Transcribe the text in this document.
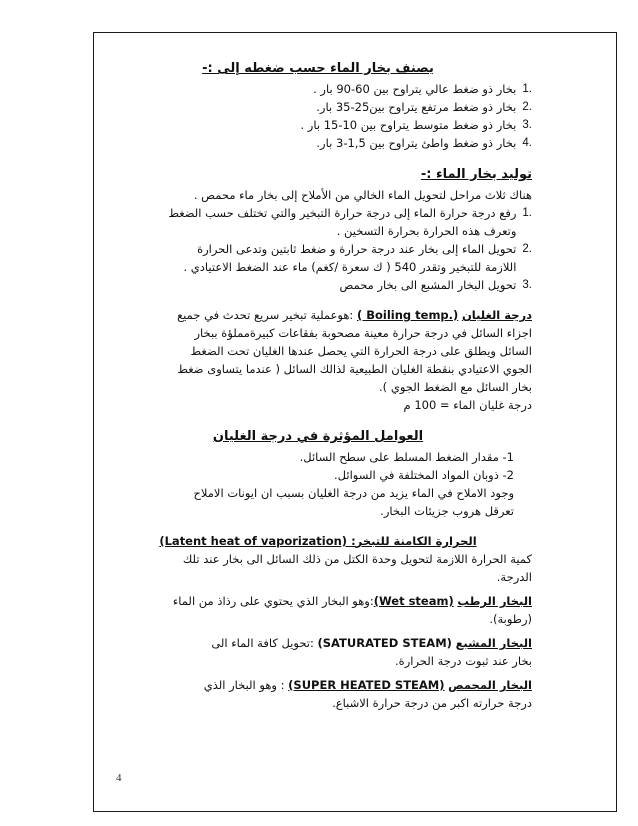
يصنف بخار الماء حسب ضغطه إلى :-

.1
بخار ذو ضغط عالي يتراوح بين 60-90 بار .
.2
بخار ذو ضغط مرتفع يتراوح بين25-35 بار.
.3
بخار ذو ضغط متوسط يتراوح بين 10-15 بار .
.4
بخار ذو ضغط واطئ يتراوح بين 1,5-3 بار.

توليد بخار الماء :-

هناك ثلاث مراحل لتحويل الماء الخالي من الأملاح إلى بخار ماء محمص .

.1
رفع درجة حرارة الماء إلى درجة حرارة التبخير والتي تختلف حسب الضغط
وتعرف هذه الحرارة بحرارة التسخين .
.2
تحويل الماء إلى بخار عند درجة حرارة و ضغط ثابتين وتدعى الحرارة
اللازمة للتبخير وتقدر 540 ( ك سعرة /كغم) ماء عند الضغط الاعتيادي .
.3
تحويل البخار المشبع الى بخار محمص

درجة الغليان ( Boiling temp.) :هوعملية تبخير سريع تحدث في جميع

اجزاء السائل في درجة حرارة معينة مصحوبة بفقاعات كبيرةمملؤة ببخار

السائل ويطلق على درجة الحرارة التي يحصل عندها الغليان تحت الضغط

الجوي الاعتيادي بنقطة الغليان الطبيعية لذالك السائل ( عندما يتساوى ضغط

بخار السائل مع الضغط الجوي ).

درجة غليان الماء = 100 م

العوامل المؤثرة في درجة الغليان

1- مقدار الضغط المسلط على سطح السائل.

2- ذوبان المواد المختلفة في السوائل.

وجود الاملاح في الماء يزيد من درجة الغليان بسبب ان ايونات الاملاح

تعرقل هروب جزيئات البخار.

الحرارة الكامنة للتبخر(Latent heat of vaporization) :

كمية الحرارة اللازمة لتحويل وحدة الكتل من ذلك السائل الى بخار عند تلك

الدرجة.

البخار الرطب (Wet steam):وهو البخار الذي يحتوي على رذاذ من الماء

(رطوبة).

البخار المشبع (SATURATED STEAM) :تحويل كافة الماء الى

بخار عند ثبوت درجة الحرارة.

البخار المحمص (SUPER HEATED STEAM) : وهو البخار الذي

درجة حرارته اكبر من درجة حرارة الاشباع.

4
